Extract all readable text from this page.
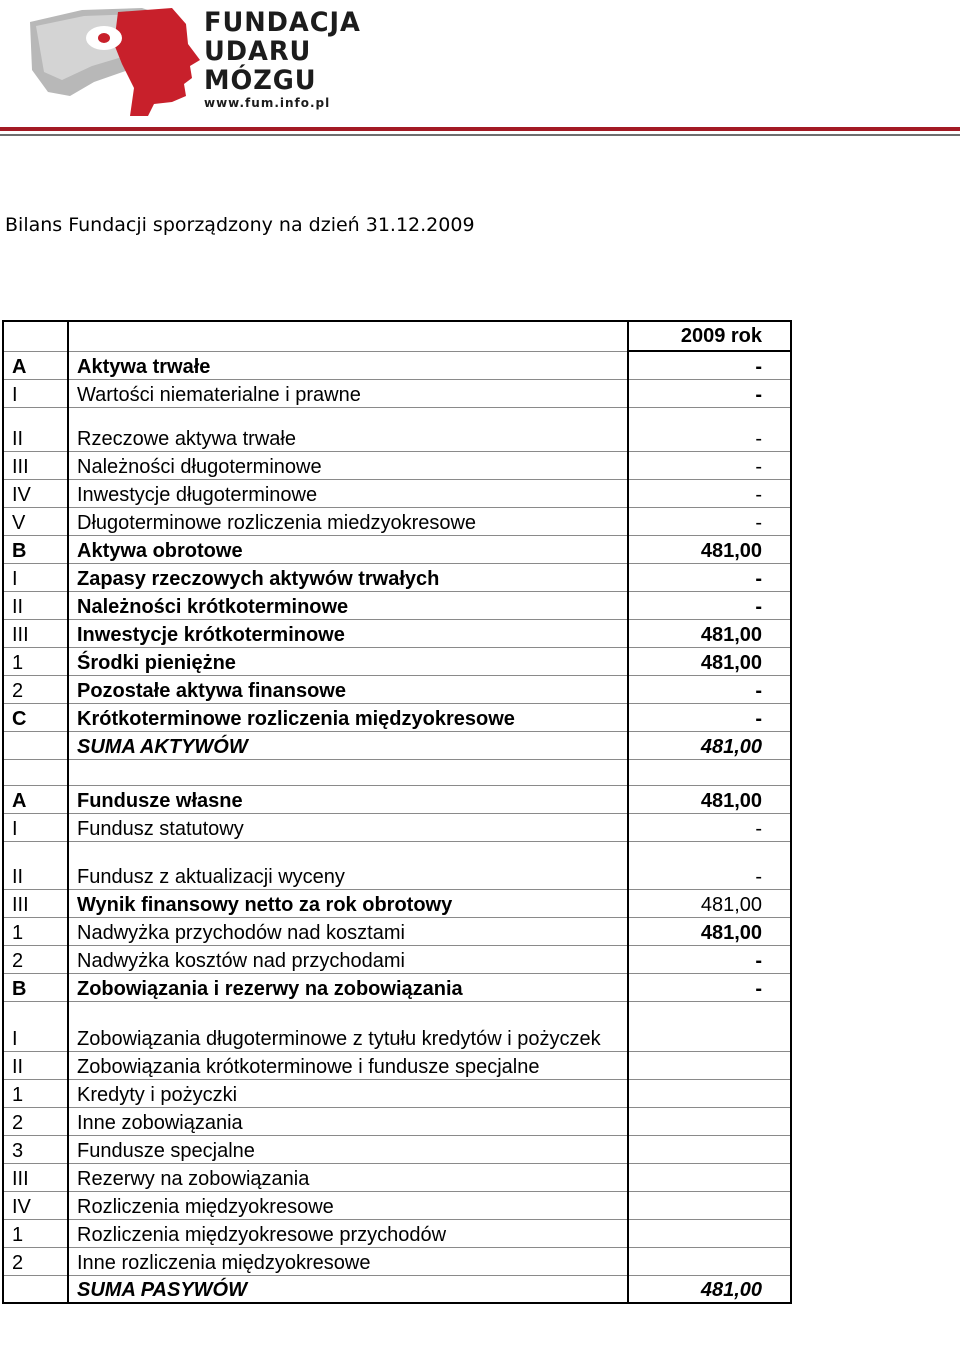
FUNDACJA
UDARU
MÓZGU
www.fum.info.pl
Bilans Fundacji sporządzony na dzień 31.12.2009
		2009 rok
A	Aktywa trwałe	-
I	Wartości niematerialne i prawne	-
II	Rzeczowe aktywa trwałe	-
III	Należności długoterminowe	-
IV	Inwestycje długoterminowe	-
V	Długoterminowe rozliczenia miedzyokresowe	-
B	Aktywa obrotowe	481,00
I	Zapasy rzeczowych aktywów trwałych	-
II	Należności krótkoterminowe	-
III	Inwestycje krótkoterminowe	481,00
1	Środki pieniężne	481,00
2	Pozostałe aktywa finansowe	-
C	Krótkoterminowe rozliczenia międzyokresowe	-
	SUMA AKTYWÓW	481,00

A	Fundusze własne	481,00
I	Fundusz statutowy	-
II	Fundusz z aktualizacji wyceny	-
III	Wynik finansowy netto za rok obrotowy	481,00
1	Nadwyżka przychodów nad kosztami	481,00
2	Nadwyżka kosztów nad przychodami	-
B	Zobowiązania i rezerwy na zobowiązania	-
I	Zobowiązania długoterminowe z tytułu kredytów i pożyczek	
II	Zobowiązania krótkoterminowe i fundusze specjalne	
1	Kredyty i pożyczki	
2	Inne zobowiązania	
3	Fundusze specjalne	
III	Rezerwy na zobowiązania	
IV	Rozliczenia międzyokresowe	
1	Rozliczenia międzyokresowe przychodów	
2	Inne rozliczenia międzyokresowe	
	SUMA PASYWÓW	481,00
